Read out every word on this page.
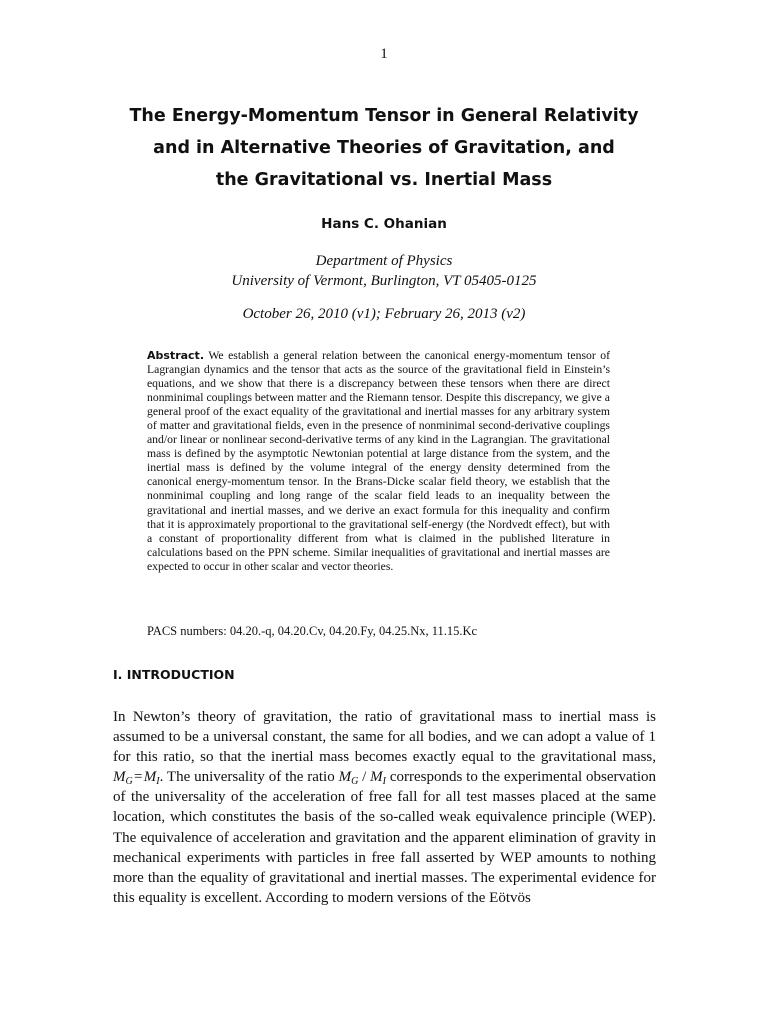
1
The Energy-Momentum Tensor in General Relativity
and in Alternative Theories of Gravitation, and
the Gravitational vs. Inertial Mass
Hans C. Ohanian
Department of Physics
University of Vermont, Burlington, VT 05405-0125
October 26, 2010 (v1); February 26, 2013 (v2)
Abstract. We establish a general relation between the canonical energy-momentum tensor of Lagrangian dynamics and the tensor that acts as the source of the gravitational field in Einstein’s equations, and we show that there is a discrepancy between these tensors when there are direct nonminimal couplings between matter and the Riemann tensor. Despite this discrepancy, we give a general proof of the exact equality of the gravitational and inertial masses for any arbitrary system of matter and gravitational fields, even in the presence of nonminimal second-derivative couplings and/or linear or nonlinear second-derivative terms of any kind in the Lagrangian. The gravitational mass is defined by the asymptotic Newtonian potential at large distance from the system, and the inertial mass is defined by the volume integral of the energy density determined from the canonical energy-momentum tensor. In the Brans-Dicke scalar field theory, we establish that the nonminimal coupling and long range of the scalar field leads to an inequality between the gravitational and inertial masses, and we derive an exact formula for this inequality and confirm that it is approximately proportional to the gravitational self-energy (the Nordvedt effect), but with a constant of proportionality different from what is claimed in the published literature in calculations based on the PPN scheme. Similar inequalities of gravitational and inertial masses are expected to occur in other scalar and vector theories.
PACS numbers: 04.20.-q, 04.20.Cv, 04.20.Fy, 04.25.Nx, 11.15.Kc
I. INTRODUCTION
In Newton’s theory of gravitation, the ratio of gravitational mass to inertial mass is assumed to be a universal constant, the same for all bodies, and we can adopt a value of 1 for this ratio, so that the inertial mass becomes exactly equal to the gravitational mass, $M_G$ = $M_I$. The universality of the ratio $M_G / M_I$ corresponds to the experimental observation of the universality of the acceleration of free fall for all test masses placed at the same location, which constitutes the basis of the so-called weak equivalence principle (WEP). The equivalence of acceleration and gravitation and the apparent elimination of gravity in mechanical experiments with particles in free fall asserted by WEP amounts to nothing more than the equality of gravitational and inertial masses. The experimental evidence for this equality is excellent. According to modern versions of the Eötvös
